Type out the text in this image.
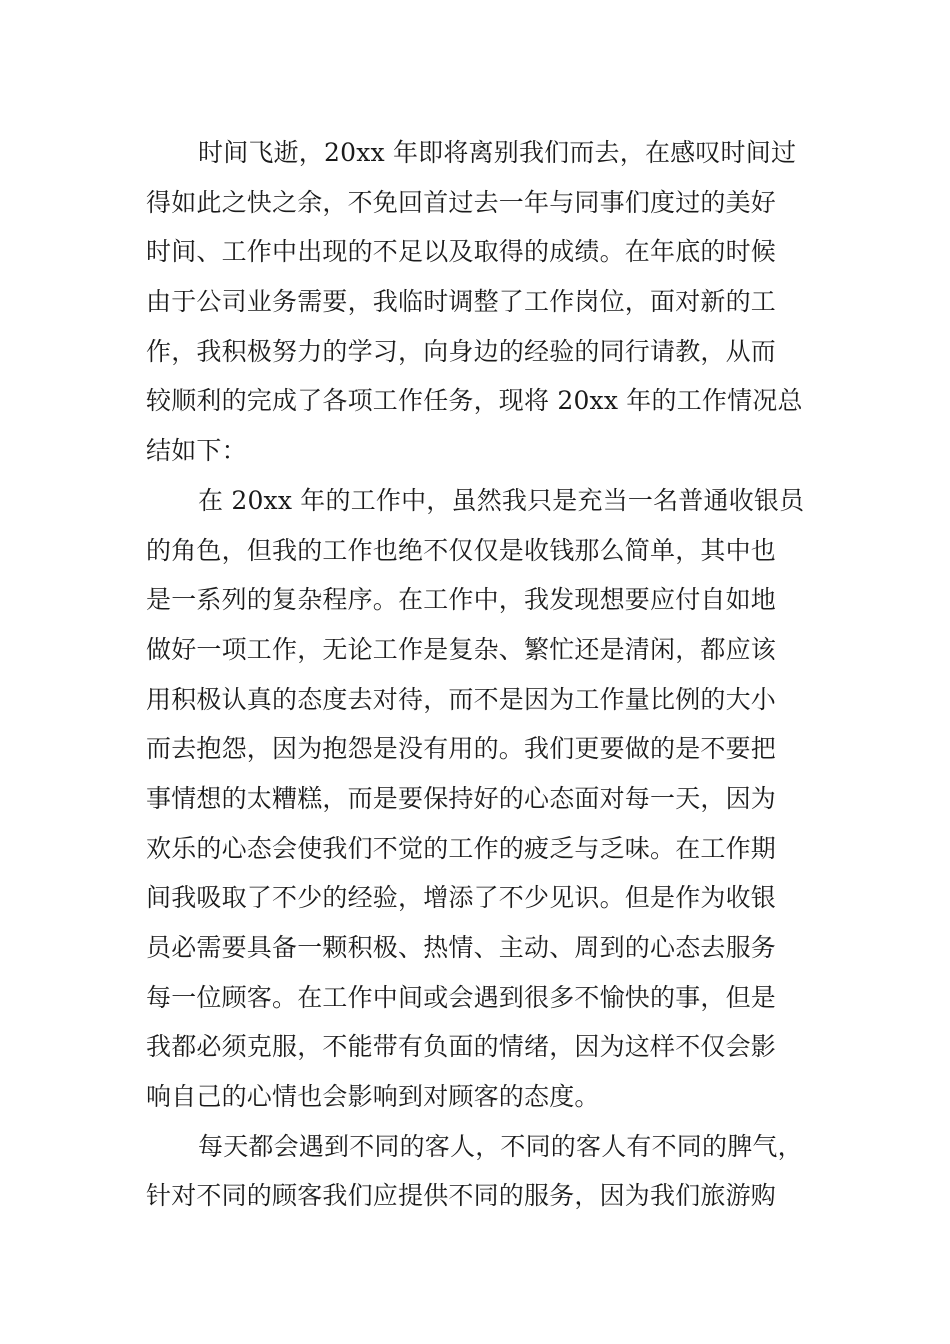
时间飞逝，20xx 年即将离别我们而去，在感叹时间过
得如此之快之余，不免回首过去一年与同事们度过的美好
时间、工作中出现的不足以及取得的成绩。在年底的时候
由于公司业务需要，我临时调整了工作岗位，面对新的工
作，我积极努力的学习，向身边的经验的同行请教，从而
较顺利的完成了各项工作任务，现将 20xx 年的工作情况总
结如下：
在 20xx 年的工作中，虽然我只是充当一名普通收银员
的角色，但我的工作也绝不仅仅是收钱那么简单，其中也
是一系列的复杂程序。在工作中，我发现想要应付自如地
做好一项工作，无论工作是复杂、繁忙还是清闲，都应该
用积极认真的态度去对待，而不是因为工作量比例的大小
而去抱怨，因为抱怨是没有用的。我们更要做的是不要把
事情想的太糟糕，而是要保持好的心态面对每一天，因为
欢乐的心态会使我们不觉的工作的疲乏与乏味。在工作期
间我吸取了不少的经验，增添了不少见识。但是作为收银
员必需要具备一颗积极、热情、主动、周到的心态去服务
每一位顾客。在工作中间或会遇到很多不愉快的事，但是
我都必须克服，不能带有负面的情绪，因为这样不仅会影
响自己的心情也会影响到对顾客的态度。
每天都会遇到不同的客人，不同的客人有不同的脾气，
针对不同的顾客我们应提供不同的服务，因为我们旅游购
